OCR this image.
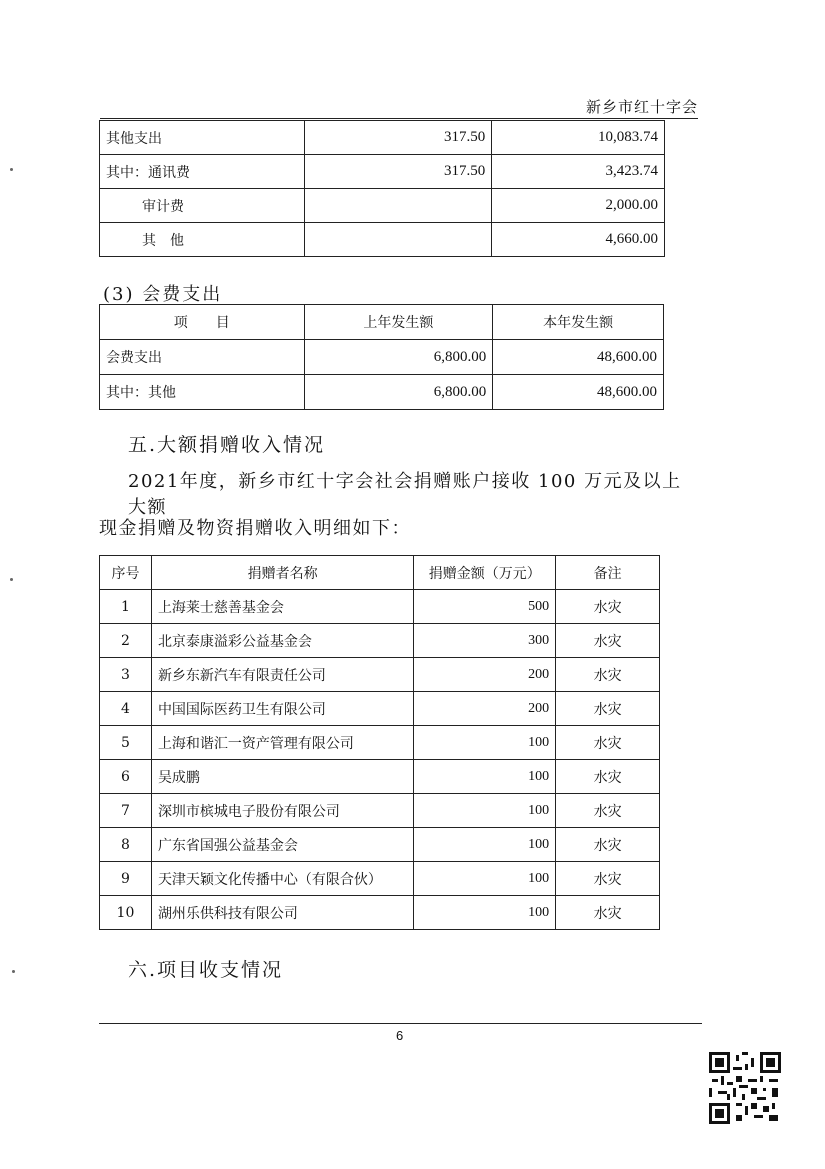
新乡市红十字会
其他支出	317.50	10,083.74
其中：通讯费	317.50	3,423.74
审计费		2,000.00
其　他		4,660.00
(3) 会费支出
项　　目	上年发生额	本年发生额
会费支出	6,800.00	48,600.00
其中：其他	6,800.00	48,600.00
五.大额捐赠收入情况
2021年度，新乡市红十字会社会捐赠账户接收 100 万元及以上大额
现金捐赠及物资捐赠收入明细如下：
序号	捐赠者名称	捐赠金额（万元）	备注
1	上海莱士慈善基金会	500	水灾
2	北京泰康溢彩公益基金会	300	水灾
3	新乡东新汽车有限责任公司	200	水灾
4	中国国际医药卫生有限公司	200	水灾
5	上海和谐汇一资产管理有限公司	100	水灾
6	吴成鹏	100	水灾
7	深圳市槟城电子股份有限公司	100	水灾
8	广东省国强公益基金会	100	水灾
9	天津天颖文化传播中心（有限合伙）	100	水灾
10	湖州乐供科技有限公司	100	水灾
六.项目收支情况
6
